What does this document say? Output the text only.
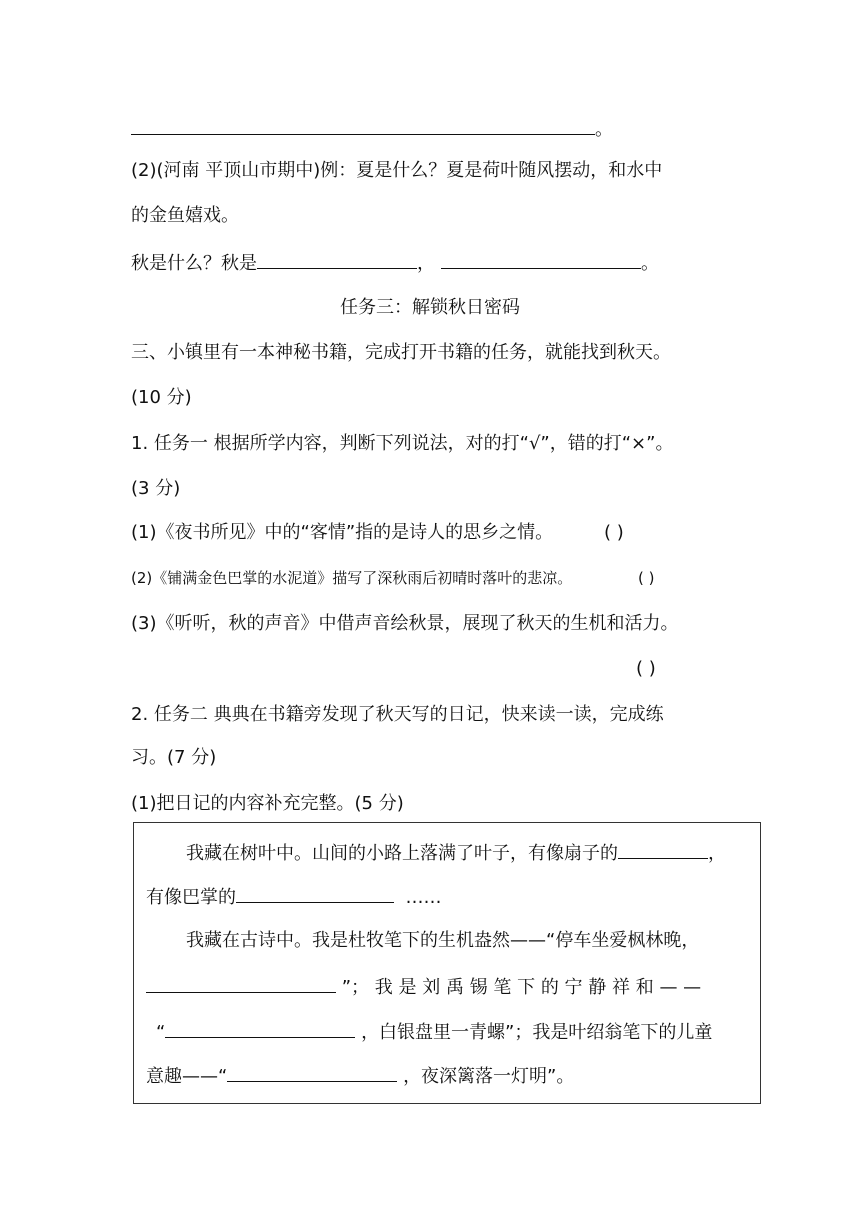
。
(2)(河南 平顶山市期中)例：夏是什么？夏是荷叶随风摆动，和水中
的金鱼嬉戏。
秋是什么？秋是	，	。
任务三：解锁秋日密码
三、小镇里有一本神秘书籍，完成打开书籍的任务，就能找到秋天。
(10 分)
1. 任务一 根据所学内容，判断下列说法，对的打“√”，错的打“×”。
(3 分)
(1)《夜书所见》中的“客情”指的是诗人的思乡之情。	( )
(2)《铺满金色巴掌的水泥道》描写了深秋雨后初晴时落叶的悲凉。	( )
(3)《听听，秋的声音》中借声音绘秋景，展现了秋天的生机和活力。
( )
2. 任务二 典典在书籍旁发现了秋天写的日记，快来读一读，完成练
习。(7 分)
(1)把日记的内容补充完整。(5 分)
我藏在树叶中。山间的小路上落满了叶子，有像扇子的	，
有像巴掌的	……
我藏在古诗中。我是杜牧笔下的生机盎然——“停车坐爱枫林晚，
”； 我 是 刘 禹 锡 笔 下 的 宁 静 祥 和 — —
“	，白银盘里一青螺”；我是叶绍翁笔下的儿童
意趣——“	，夜深篱落一灯明”。
